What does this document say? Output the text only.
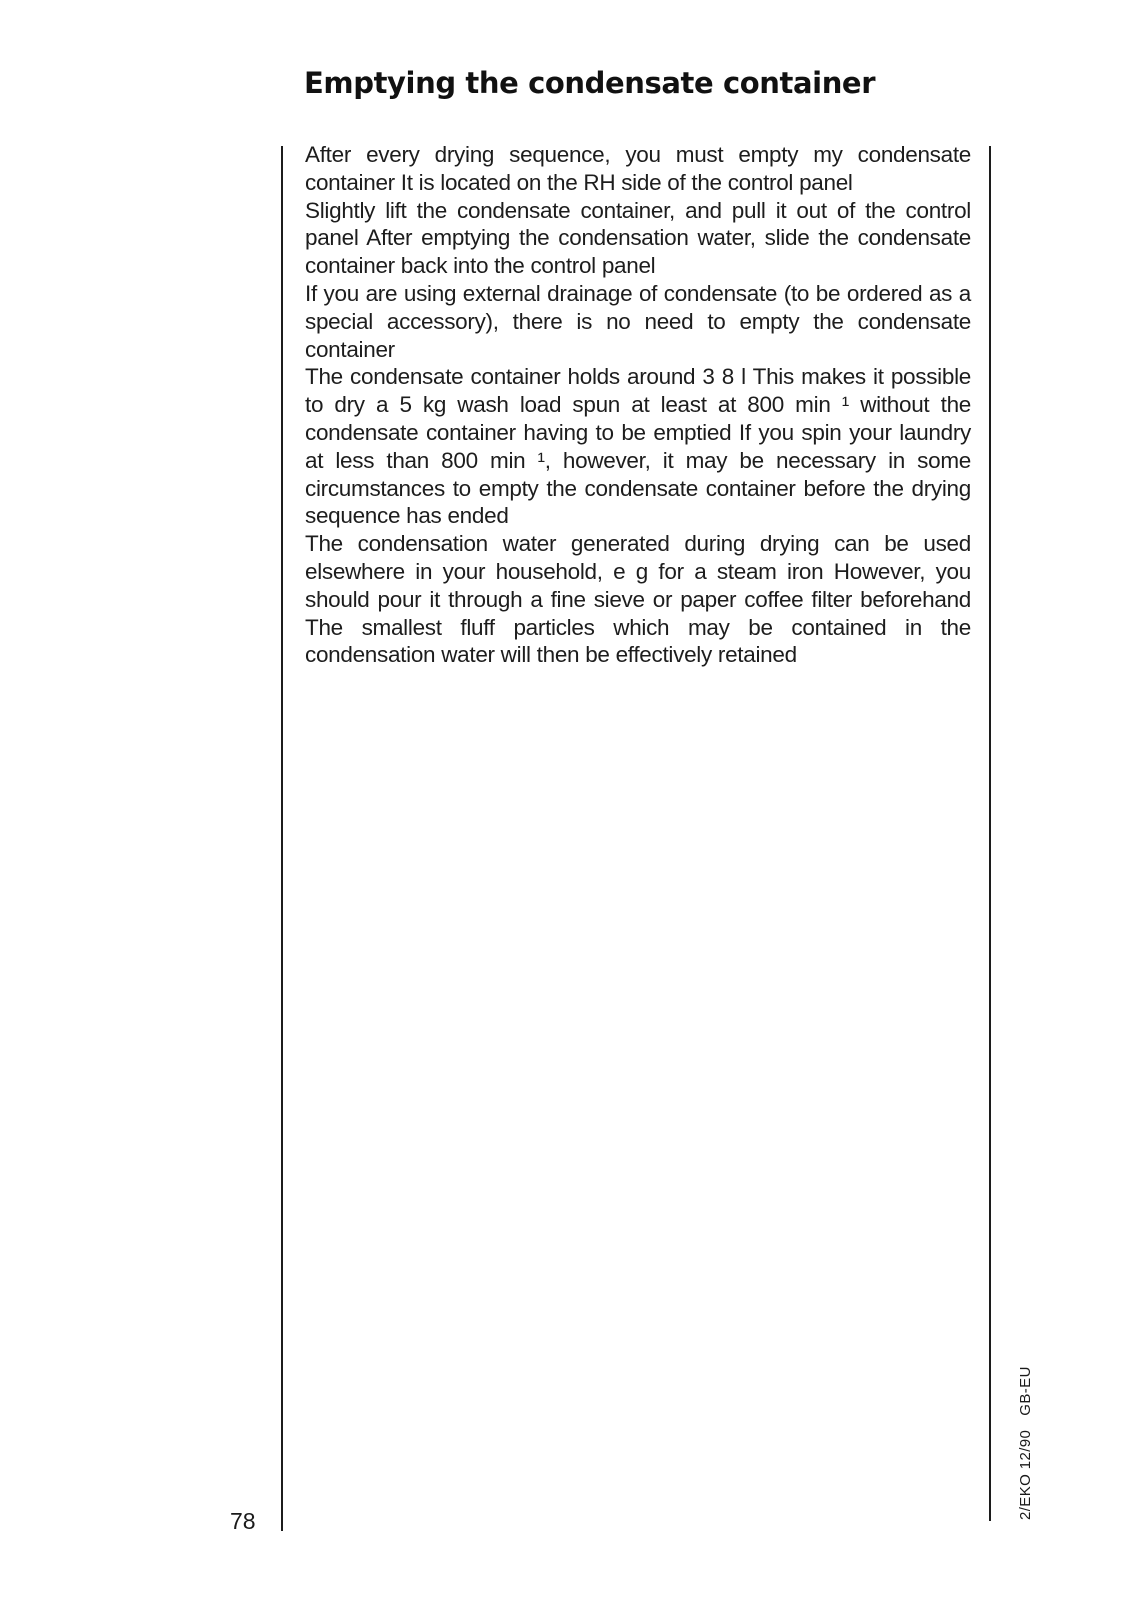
Emptying the condensate container

After every drying sequence, you must empty my condensate container It is located on the RH side of the control panel

Slightly lift the condensate container, and pull it out of the control panel After emptying the condensation water, slide the condensate container back into the control panel

If you are using external drainage of condensate (to be ordered as a special accessory), there is no need to empty the condensate container

The condensate container holds around 3 8 l This makes it possible to dry a 5 kg wash load spun at least at 800 min ¹ without the condensate container having to be emptied If you spin your laundry at less than 800 min ¹, however, it may be necessary in some circumstances to empty the condensate container before the drying sequence has ended

The condensation water generated during drying can be used elsewhere in your household, e g for a steam iron However, you should pour it through a fine sieve or paper coffee filter beforehand The smallest fluff particles which may be contained in the condensation water will then be effectively retained

78
2/EKO 12/90GB-EU
